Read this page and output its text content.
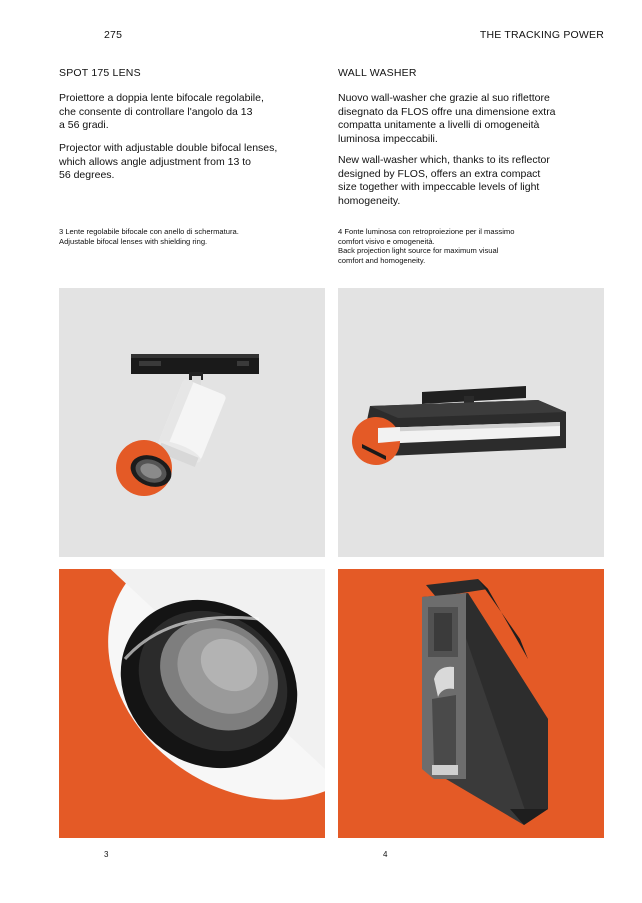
275	THE TRACKING POWER
SPOT 175 LENS
Proiettore a doppia lente bifocale regolabile,
che consente di controllare l'angolo da 13
a 56 gradi.
Projector with adjustable double bifocal lenses,
which allows angle adjustment from 13 to
56 degrees.
3 Lente regolabile bifocale con anello di schermatura.
Adjustable bifocal lenses with shielding ring.
WALL WASHER
Nuovo wall-washer che grazie al suo riflettore
disegnato da FLOS offre una dimensione extra
compatta unitamente a livelli di omogeneità
luminosa impeccabili.
New wall-washer which, thanks to its reflector
designed by FLOS, offers an extra compact
size together with impeccable levels of light
homogeneity.
4 Fonte luminosa con retroproiezione per il massimo
comfort visivo e omogeneità.
Back projection light source for maximum visual
comfort and homogeneity.
3	4
